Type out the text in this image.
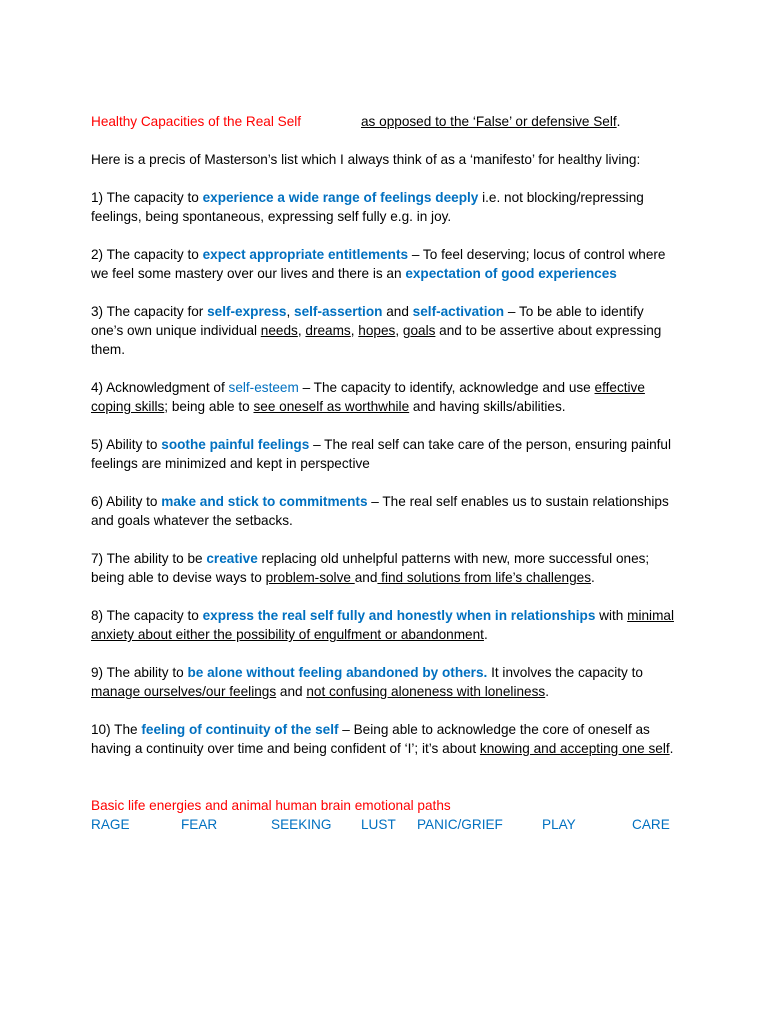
Healthy Capacities of the Real Self	as opposed to the ‘False’ or defensive Self.
Here is a precis of Masterson’s list which I always think of as a ‘manifesto’ for healthy living:
1) The capacity to experience a wide range of feelings deeply i.e. not blocking/repressing feelings, being spontaneous, expressing self fully e.g. in joy.
2) The capacity to expect appropriate entitlements – To feel deserving; locus of control where we feel some mastery over our lives and there is an expectation of good experiences
3) The capacity for self-express, self-assertion and self-activation – To be able to identify one’s own unique individual needs, dreams, hopes, goals and to be assertive about expressing them.
4) Acknowledgment of self-esteem – The capacity to identify, acknowledge and use effective coping skills; being able to see oneself as worthwhile and having skills/abilities.
5) Ability to soothe painful feelings – The real self can take care of the person, ensuring painful feelings are minimized and kept in perspective
6) Ability to make and stick to commitments – The real self enables us to sustain relationships and goals whatever the setbacks.
7) The ability to be creative replacing old unhelpful patterns with new, more successful ones; being able to devise ways to problem-solve and find solutions from life’s challenges.
8) The capacity to express the real self fully and honestly when in relationships with minimal anxiety about either the possibility of engulfment or abandonment.
9) The ability to be alone without feeling abandoned by others. It involves the capacity to manage ourselves/our feelings and not confusing aloneness with loneliness.
10) The feeling of continuity of the self – Being able to acknowledge the core of oneself as having a continuity over time and being confident of ‘I’; it’s about knowing and accepting one self.
Basic life energies and animal human brain emotional paths
RAGE	FEAR	SEEKING LUST PANIC/GRIEF	PLAY	CARE
